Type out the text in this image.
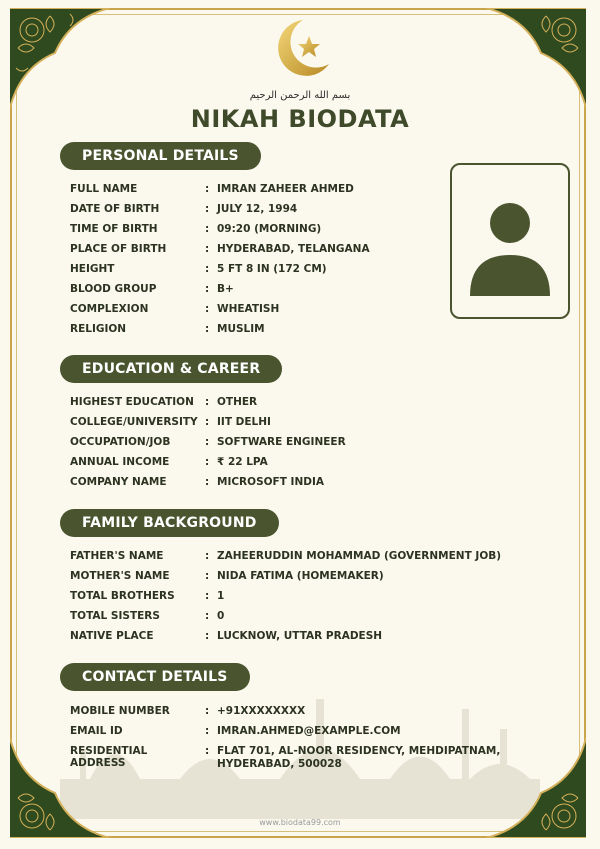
بسم الله الرحمن الرحيم
NIKAH BIODATA
PERSONAL DETAILS
FULL NAME	: IMRAN ZAHEER AHMED
DATE OF BIRTH	: JULY 12, 1994
TIME OF BIRTH	: 09:20 (MORNING)
PLACE OF BIRTH	: HYDERABAD, TELANGANA
HEIGHT	: 5 FT 8 IN (172 CM)
BLOOD GROUP	: B+
COMPLEXION	: WHEATISH
RELIGION	: MUSLIM
EDUCATION & CAREER
HIGHEST EDUCATION	: OTHER
COLLEGE/UNIVERSITY : IIT DELHI
OCCUPATION/JOB	: SOFTWARE ENGINEER
ANNUAL INCOME	: ₹ 22 LPA
COMPANY NAME	: MICROSOFT INDIA
FAMILY BACKGROUND
FATHER'S NAME	: ZAHEERUDDIN MOHAMMAD (GOVERNMENT JOB)
MOTHER'S NAME	: NIDA FATIMA (HOMEMAKER)
TOTAL BROTHERS	: 1
TOTAL SISTERS	: 0
NATIVE PLACE	: LUCKNOW, UTTAR PRADESH
CONTACT DETAILS
MOBILE NUMBER	: +91XXXXXXXX
EMAIL ID	: IMRAN.AHMED@EXAMPLE.COM
RESIDENTIAL ADDRESS
: FLAT 701, AL-NOOR RESIDENCY, MEHDIPATNAM, HYDERABAD, 500028
www.biodata99.com
